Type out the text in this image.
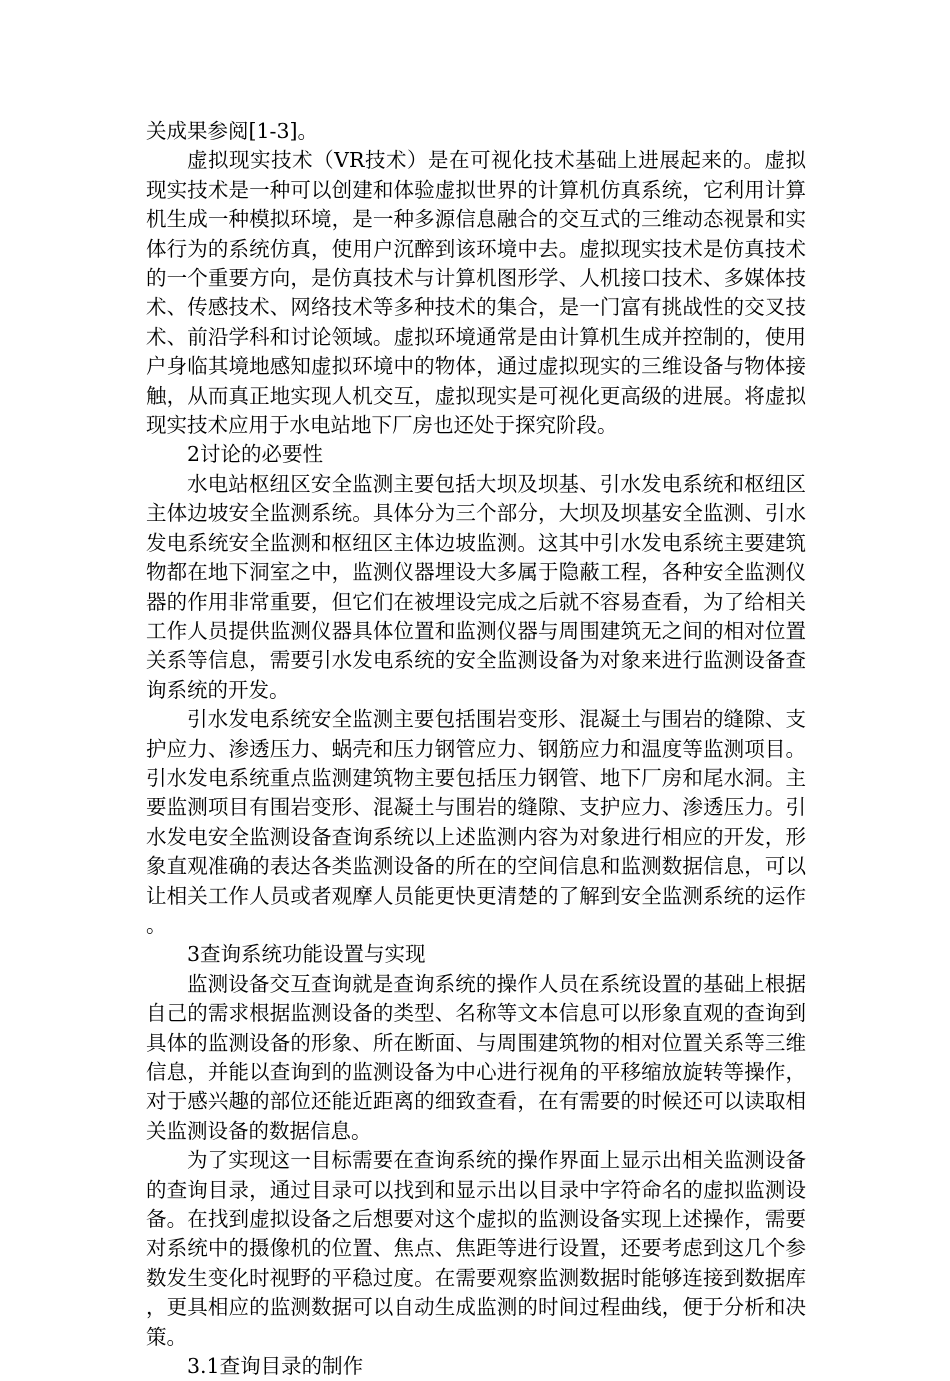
关成果参阅[1-3]。

虚拟现实技术（VR技术）是在可视化技术基础上进展起来的。虚拟现实技术是一种可以创建和体验虚拟世界的计算机仿真系统，它利用计算机生成一种模拟环境，是一种多源信息融合的交互式的三维动态视景和实体行为的系统仿真，使用户沉醉到该环境中去。虚拟现实技术是仿真技术的一个重要方向，是仿真技术与计算机图形学、人机接口技术、多媒体技术、传感技术、网络技术等多种技术的集合，是一门富有挑战性的交叉技术、前沿学科和讨论领域。虚拟环境通常是由计算机生成并控制的，使用户身临其境地感知虚拟环境中的物体，通过虚拟现实的三维设备与物体接触，从而真正地实现人机交互，虚拟现实是可视化更高级的进展。将虚拟现实技术应用于水电站地下厂房也还处于探究阶段。

2讨论的必要性

水电站枢纽区安全监测主要包括大坝及坝基、引水发电系统和枢纽区主体边坡安全监测系统。具体分为三个部分，大坝及坝基安全监测、引水发电系统安全监测和枢纽区主体边坡监测。这其中引水发电系统主要建筑物都在地下洞室之中，监测仪器埋设大多属于隐蔽工程，各种安全监测仪器的作用非常重要，但它们在被埋设完成之后就不容易查看，为了给相关工作人员提供监测仪器具体位置和监测仪器与周围建筑无之间的相对位置关系等信息，需要引水发电系统的安全监测设备为对象来进行监测设备查询系统的开发。

引水发电系统安全监测主要包括围岩变形、混凝土与围岩的缝隙、支护应力、渗透压力、蜗壳和压力钢管应力、钢筋应力和温度等监测项目。引水发电系统重点监测建筑物主要包括压力钢管、地下厂房和尾水洞。主要监测项目有围岩变形、混凝土与围岩的缝隙、支护应力、渗透压力。引水发电安全监测设备查询系统以上述监测内容为对象进行相应的开发，形象直观准确的表达各类监测设备的所在的空间信息和监测数据信息，可以让相关工作人员或者观摩人员能更快更清楚的了解到安全监测系统的运作。

3查询系统功能设置与实现

监测设备交互查询就是查询系统的操作人员在系统设置的基础上根据自己的需求根据监测设备的类型、名称等文本信息可以形象直观的查询到具体的监测设备的形象、所在断面、与周围建筑物的相对位置关系等三维信息，并能以查询到的监测设备为中心进行视角的平移缩放旋转等操作，对于感兴趣的部位还能近距离的细致查看，在有需要的时候还可以读取相关监测设备的数据信息。

为了实现这一目标需要在查询系统的操作界面上显示出相关监测设备的查询目录，通过目录可以找到和显示出以目录中字符命名的虚拟监测设备。在找到虚拟设备之后想要对这个虚拟的监测设备实现上述操作，需要对系统中的摄像机的位置、焦点、焦距等进行设置，还要考虑到这几个参数发生变化时视野的平稳过度。在需要观察监测数据时能够连接到数据库，更具相应的监测数据可以自动生成监测的时间过程曲线，便于分析和决策。

3.1查询目录的制作
